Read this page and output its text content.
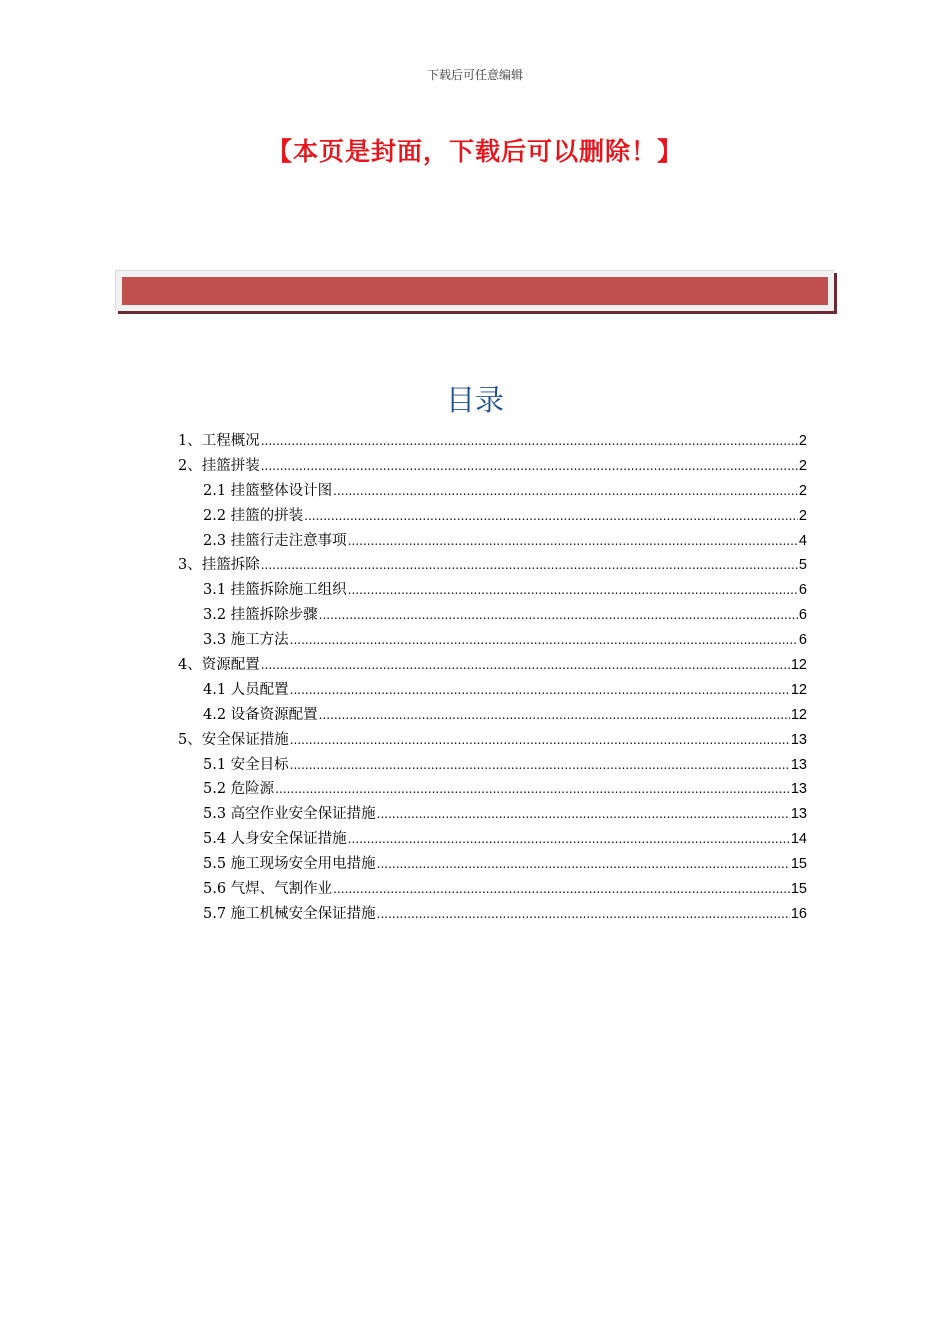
下载后可任意编辑
【本页是封面，下载后可以删除！】
目录
1、工程概况 .....	2
2、挂篮拼装 .....	2
2.1 挂篮整体设计图 .....	2
2.2 挂篮的拼装 .....	2
2.3 挂篮行走注意事项 .....	4
3、挂篮拆除 .....	5
3.1 挂篮拆除施工组织 .....	6
3.2 挂篮拆除步骤 .....	6
3.3 施工方法 .....	6
4、资源配置 .....	12
4.1 人员配置 .....	12
4.2 设备资源配置 .....	12
5、安全保证措施 .....	13
5.1 安全目标 .....	13
5.2 危险源 .....	13
5.3 高空作业安全保证措施 .....	13
5.4 人身安全保证措施 .....	14
5.5 施工现场安全用电措施 .....	15
5.6 气焊、气割作业 .....	15
5.7 施工机械安全保证措施 .....	16
